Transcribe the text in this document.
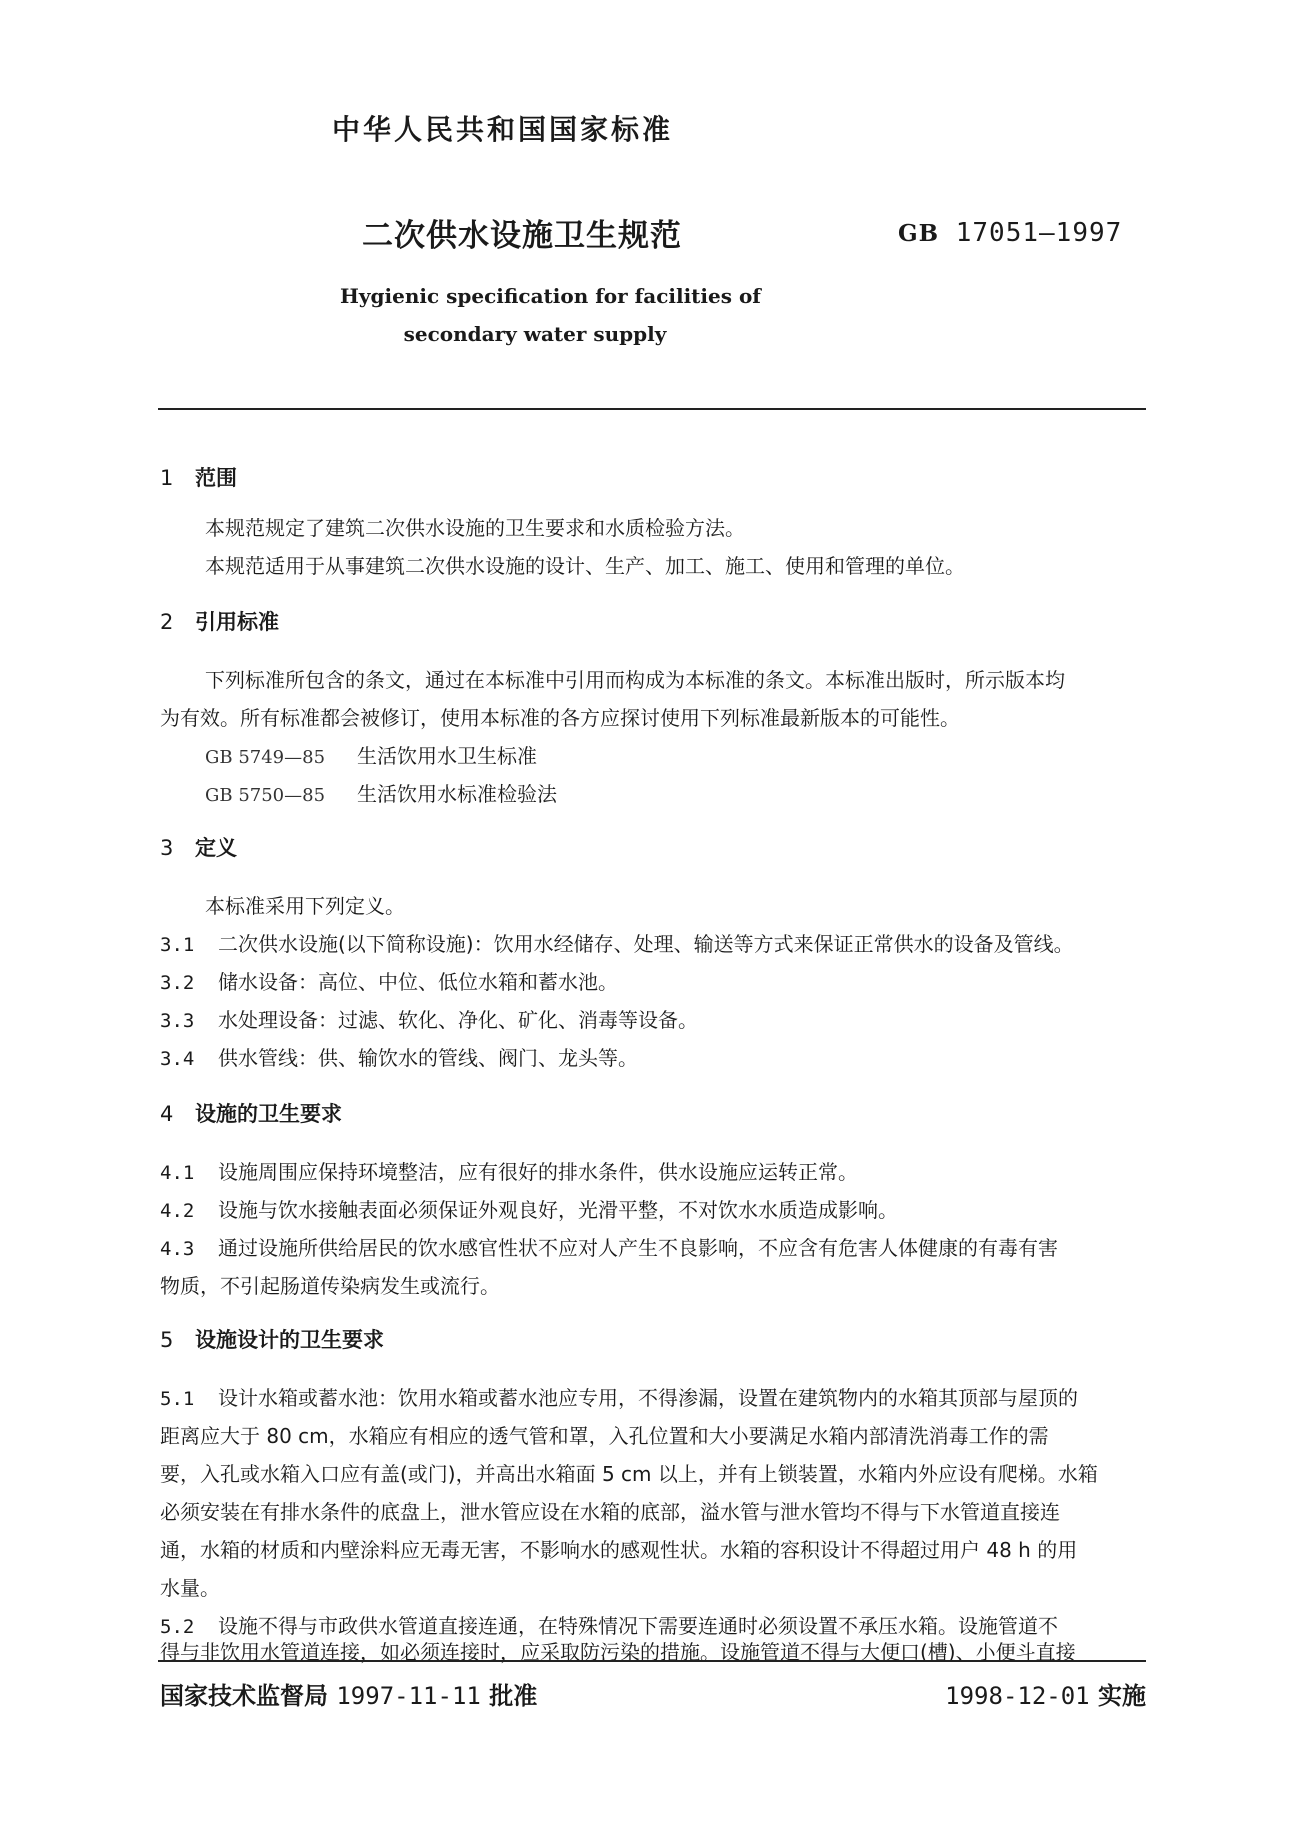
中华人民共和国国家标准
二次供水设施卫生规范	GB 17051—1997
Hygienic specification for facilities of
secondary water supply
1 范围
本规范规定了建筑二次供水设施的卫生要求和水质检验方法。
本规范适用于从事建筑二次供水设施的设计、生产、加工、施工、使用和管理的单位。
2 引用标准
下列标准所包含的条文，通过在本标准中引用而构成为本标准的条文。本标准出版时，所示版本均
为有效。所有标准都会被修订，使用本标准的各方应探讨使用下列标准最新版本的可能性。
GB 5749—85 生活饮用水卫生标准
GB 5750—85 生活饮用水标准检验法
3 定义
本标准采用下列定义。
3.1 二次供水设施(以下简称设施)：饮用水经储存、处理、输送等方式来保证正常供水的设备及管线。
3.2 储水设备：高位、中位、低位水箱和蓄水池。
3.3 水处理设备：过滤、软化、净化、矿化、消毒等设备。
3.4 供水管线：供、输饮水的管线、阀门、龙头等。
4 设施的卫生要求
4.1 设施周围应保持环境整洁，应有很好的排水条件，供水设施应运转正常。
4.2 设施与饮水接触表面必须保证外观良好，光滑平整，不对饮水水质造成影响。
4.3 通过设施所供给居民的饮水感官性状不应对人产生不良影响，不应含有危害人体健康的有毒有害
物质，不引起肠道传染病发生或流行。
5 设施设计的卫生要求
5.1 设计水箱或蓄水池：饮用水箱或蓄水池应专用，不得渗漏，设置在建筑物内的水箱其顶部与屋顶的
距离应大于 80 cm，水箱应有相应的透气管和罩，入孔位置和大小要满足水箱内部清洗消毒工作的需
要，入孔或水箱入口应有盖(或门)，并高出水箱面 5 cm 以上，并有上锁装置，水箱内外应设有爬梯。水箱
必须安装在有排水条件的底盘上，泄水管应设在水箱的底部，溢水管与泄水管均不得与下水管道直接连
通，水箱的材质和内壁涂料应无毒无害，不影响水的感观性状。水箱的容积设计不得超过用户 48 h 的用
水量。
5.2 设施不得与市政供水管道直接连通，在特殊情况下需要连通时必须设置不承压水箱。设施管道不
得与非饮用水管道连接，如必须连接时，应采取防污染的措施。设施管道不得与大便口(槽)、小便斗直接
国家技术监督局 1997-11-11 批准	1998-12-01 实施
